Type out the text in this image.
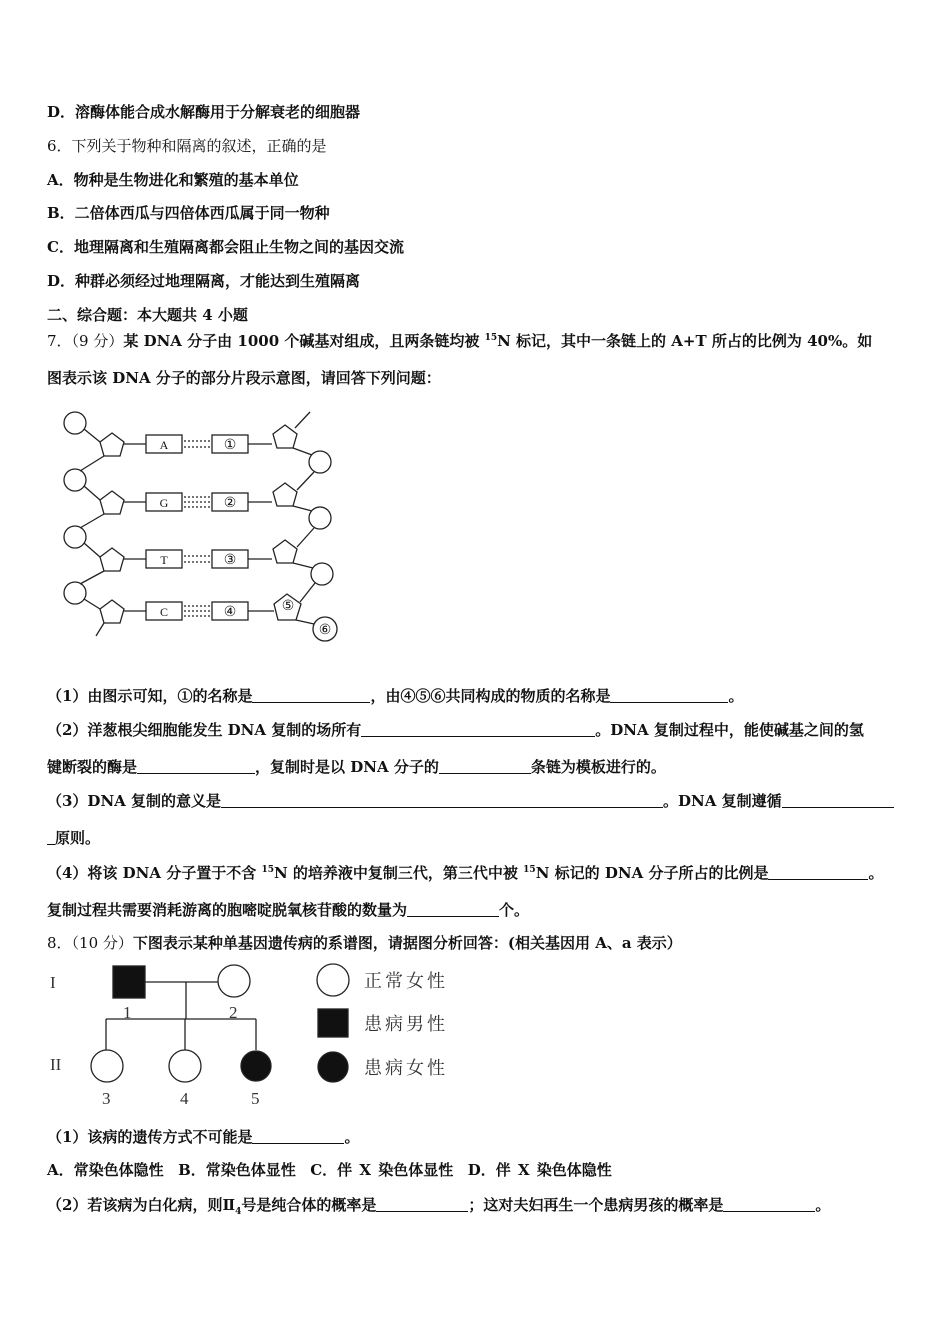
D．溶酶体能合成水解酶用于分解衰老的细胞器
6．下列关于物种和隔离的叙述，正确的是
A．物种是生物进化和繁殖的基本单位
B．二倍体西瓜与四倍体西瓜属于同一物种
C．地理隔离和生殖隔离都会阻止生物之间的基因交流
D．种群必须经过地理隔离，才能达到生殖隔离
二、综合题：本大题共 4 小题
7．（9 分）某 DNA 分子由 1000 个碱基对组成，且两条链均被 $^{15}$N 标记，其中一条链上的 A+T 所占的比例为 40%。如
图表示该 DNA 分子的部分片段示意图，请回答下列问题：
A
G
T
C
①
②
③
④	⑤
⑥
（1）由图示可知，①的名称是	，由④⑤⑥共同构成的物质的名称是	。
（2）洋葱根尖细胞能发生 DNA 复制的场所有	。DNA 复制过程中，能使碱基之间的氢
键断裂的酶是	，复制时是以 DNA 分子的	条链为模板进行的。
（3）DNA 复制的意义是	。DNA 复制遵循
原则。
（4）将该 DNA 分子置于不含 $^{15}$N 的培养液中复制三代，第三代中被 $^{15}$N 标记的 DNA 分子所占的比例是	。
复制过程共需要消耗游离的胞嘧啶脱氧核苷酸的数量为	个。
8．（10 分）下图表示某种单基因遗传病的系谱图，请据图分析回答：(相关基因用 A、a 表示）
I
II
1	2
3	4	5
正常女性
患病男性
患病女性
（1）该病的遗传方式不可能是	。
A．常染色体隐性 B．常染色体显性 C．伴 X 染色体显性 D．伴 X 染色体隐性
（2）若该病为白化病，则$Ⅱ_4$号是纯合体的概率是	；这对夫妇再生一个患病男孩的概率是	。
